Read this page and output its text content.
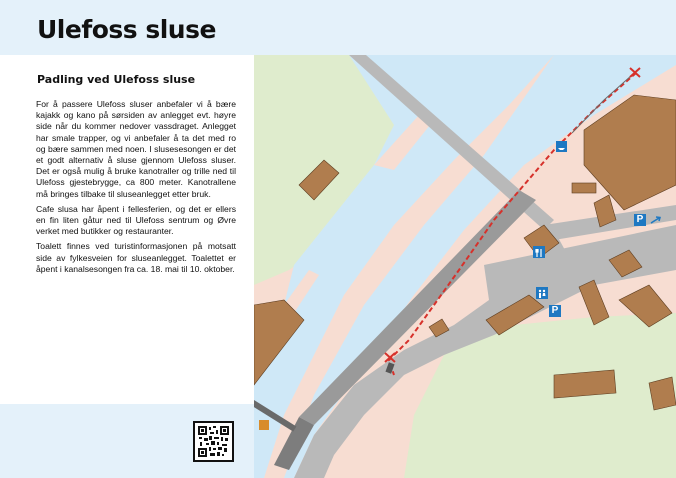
Ulefoss sluse
Padling ved Ulefoss sluse

For å passere Ulefoss sluser anbefaler vi å bære kajakk og kano på sørsiden av anlegget evt. høyre side når du kommer nedover vassdraget. Anlegget har smale trapper, og vi anbefaler å ta det med ro og bære sammen med noen. I slusesesongen er det et godt alternativ å sluse gjennom Ulefoss sluser. Det er også mulig å bruke kanotraller og trille ned til Ulefoss gjestebrygge, ca 800 meter. Kanotrallene må bringes tilbake til sluseanlegget etter bruk.

Cafe slusa har åpent i fellesferien, og det er ellers en fin liten gåtur ned til Ulefoss sentrum og Øvre verket med butikker og restauranter.

Toalett finnes ved turistinformasjonen på motsatt side av fylkesveien for sluseanlegget. Toalettet er åpent i kanalsesongen fra ca. 18. mai til 10. oktober.

P
P
